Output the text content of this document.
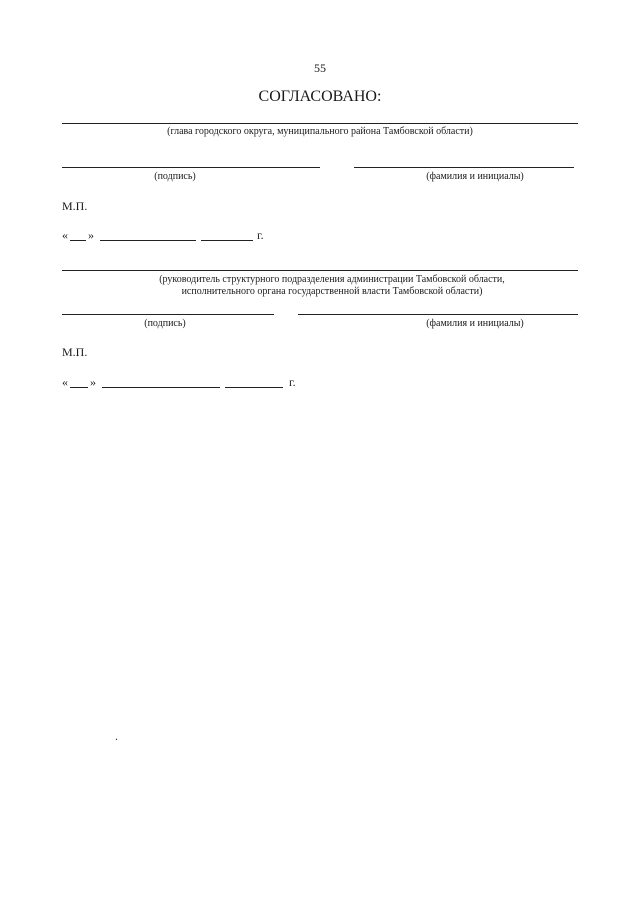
55
СОГЛАСОВАНО:
(глава городского округа, муниципального района Тамбовской области)
(подпись)	(фамилия и инициалы)
М.П.
« »	г.
(руководитель структурного подразделения администрации Тамбовской области,
исполнительного органа государственной власти Тамбовской области)
(подпись)	(фамилия и инициалы)
М.П.
« »	г.
.
